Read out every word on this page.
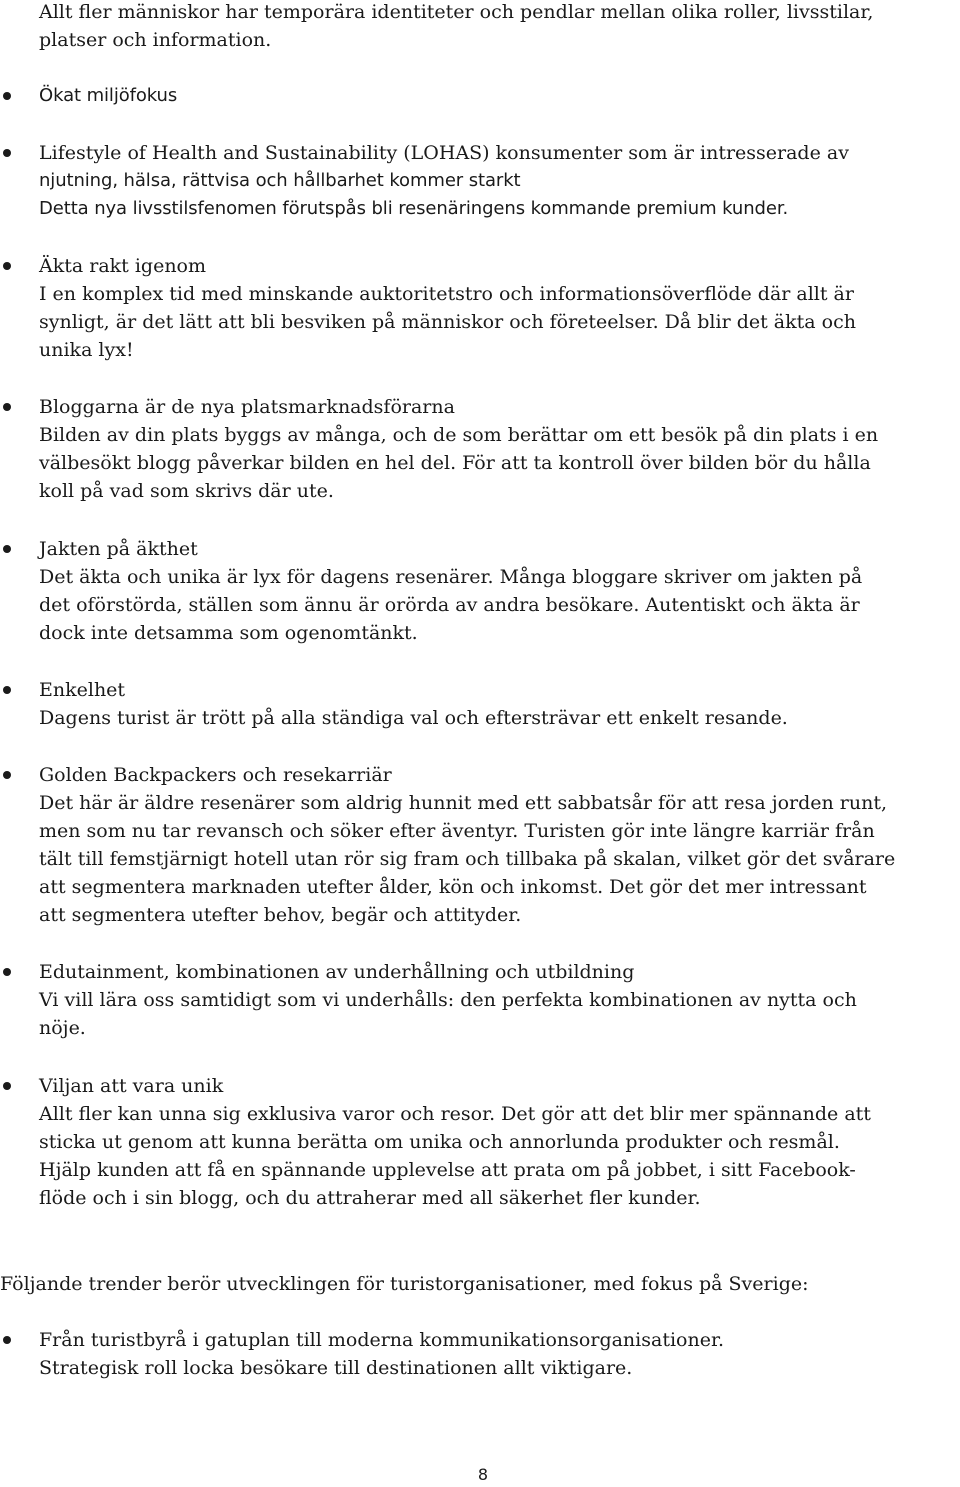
Allt fler människor har temporära identiteter och pendlar mellan olika roller, livsstilar,
platser och information.
Ökat miljöfokus
Lifestyle of Health and Sustainability (LOHAS) konsumenter som är intresserade av
njutning, hälsa, rättvisa och hållbarhet kommer starkt
Detta nya livsstilsfenomen förutspås bli resenäringens kommande premium kunder.
Äkta rakt igenom
I en komplex tid med minskande auktoritetstro och informationsöverflöde där allt är
synligt, är det lätt att bli besviken på människor och företeelser. Då blir det äkta och
unika lyx!
Bloggarna är de nya platsmarknadsförarna
Bilden av din plats byggs av många, och de som berättar om ett besök på din plats i en
välbesökt blogg påverkar bilden en hel del. För att ta kontroll över bilden bör du hålla
koll på vad som skrivs där ute.
Jakten på äkthet
Det äkta och unika är lyx för dagens resenärer. Många bloggare skriver om jakten på
det oförstörda, ställen som ännu är orörda av andra besökare. Autentiskt och äkta är
dock inte detsamma som ogenomtänkt.
Enkelhet
Dagens turist är trött på alla ständiga val och eftersträvar ett enkelt resande.
Golden Backpackers och resekarriär
Det här är äldre resenärer som aldrig hunnit med ett sabbatsår för att resa jorden runt,
men som nu tar revansch och söker efter äventyr. Turisten gör inte längre karriär från
tält till femstjärnigt hotell utan rör sig fram och tillbaka på skalan, vilket gör det svårare
att segmentera marknaden utefter ålder, kön och inkomst. Det gör det mer intressant
att segmentera utefter behov, begär och attityder.
Edutainment, kombinationen av underhållning och utbildning
Vi vill lära oss samtidigt som vi underhålls: den perfekta kombinationen av nytta och
nöje.
Viljan att vara unik
Allt fler kan unna sig exklusiva varor och resor. Det gör att det blir mer spännande att
sticka ut genom att kunna berätta om unika och annorlunda produkter och resmål.
Hjälp kunden att få en spännande upplevelse att prata om på jobbet, i sitt Facebook-
flöde och i sin blogg, och du attraherar med all säkerhet fler kunder.
Följande trender berör utvecklingen för turistorganisationer, med fokus på Sverige:
Från turistbyrå i gatuplan till moderna kommunikationsorganisationer.
Strategisk roll locka besökare till destinationen allt viktigare.
8
